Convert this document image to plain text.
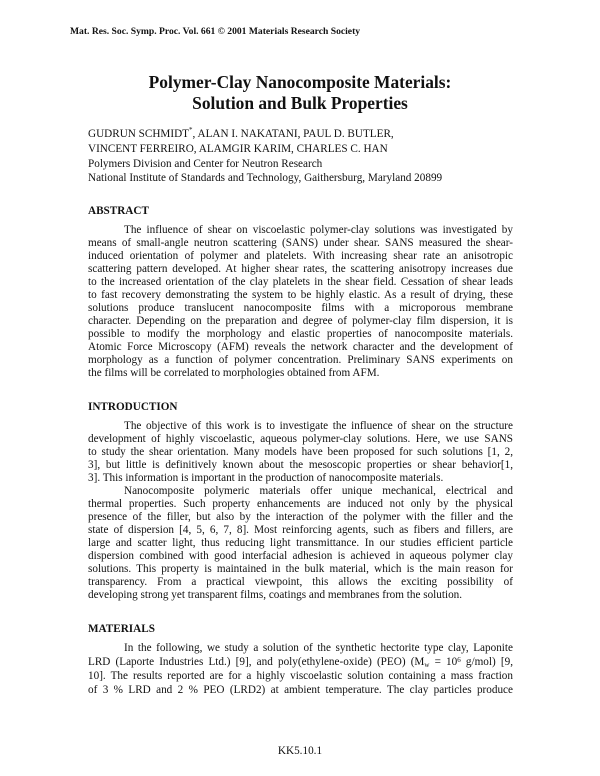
Mat. Res. Soc. Symp. Proc. Vol. 661 © 2001 Materials Research Society
Polymer-Clay Nanocomposite Materials:
Solution and Bulk Properties
GUDRUN SCHMIDT*, ALAN I. NAKATANI, PAUL D. BUTLER,
VINCENT FERREIRO, ALAMGIR KARIM, CHARLES C. HAN
Polymers Division and Center for Neutron Research
National Institute of Standards and Technology, Gaithersburg, Maryland 20899
ABSTRACT
The influence of shear on viscoelastic polymer-clay solutions was investigated by
means of small-angle neutron scattering (SANS) under shear. SANS measured the shear-
induced orientation of polymer and platelets. With increasing shear rate an anisotropic
scattering pattern developed. At higher shear rates, the scattering anisotropy increases due
to the increased orientation of the clay platelets in the shear field. Cessation of shear leads
to fast recovery demonstrating the system to be highly elastic. As a result of drying, these
solutions produce translucent nanocomposite films with a microporous membrane
character. Depending on the preparation and degree of polymer-clay film dispersion, it is
possible to modify the morphology and elastic properties of nanocomposite materials.
Atomic Force Microscopy (AFM) reveals the network character and the development of
morphology as a function of polymer concentration. Preliminary SANS experiments on
the films will be correlated to morphologies obtained from AFM.
INTRODUCTION
The objective of this work is to investigate the influence of shear on the structure
development of highly viscoelastic, aqueous polymer-clay solutions. Here, we use SANS
to study the shear orientation. Many models have been proposed for such solutions [1, 2,
3], but little is definitively known about the mesoscopic properties or shear behavior[1,
3]. This information is important in the production of nanocomposite materials.
Nanocomposite polymeric materials offer unique mechanical, electrical and
thermal properties. Such property enhancements are induced not only by the physical
presence of the filler, but also by the interaction of the polymer with the filler and the
state of dispersion [4, 5, 6, 7, 8]. Most reinforcing agents, such as fibers and fillers, are
large and scatter light, thus reducing light transmittance. In our studies efficient particle
dispersion combined with good interfacial adhesion is achieved in aqueous polymer clay
solutions. This property is maintained in the bulk material, which is the main reason for
transparency. From a practical viewpoint, this allows the exciting possibility of
developing strong yet transparent films, coatings and membranes from the solution.
MATERIALS
In the following, we study a solution of the synthetic hectorite type clay, Laponite
LRD (Laporte Industries Ltd.) [9], and poly(ethylene-oxide) (PEO) ($M_w = 10^6$ g/mol) [9,
10]. The results reported are for a highly viscoelastic solution containing a mass fraction
of 3 % LRD and 2 % PEO (LRD2) at ambient temperature. The clay particles produce
KK5.10.1
